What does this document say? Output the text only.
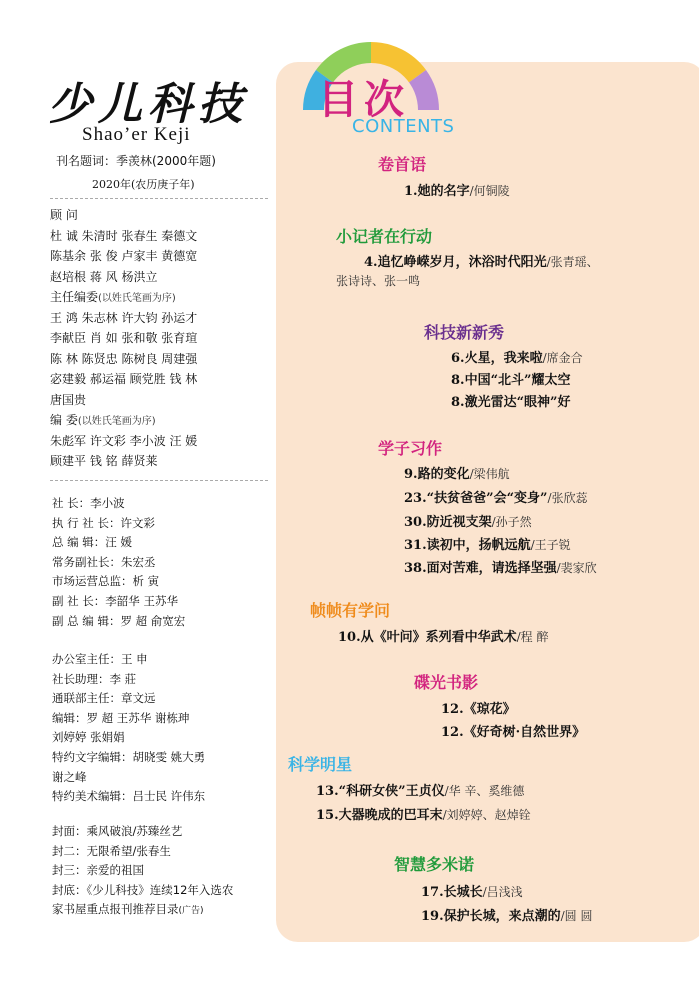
少儿科技
Shao’er Keji
刊名题词：季羡林(2000年题)
2020年(农历庚子年)
顾 问
杜 诚 朱清时 张春生 秦德文
陈基余 张 俊 卢家丰 黄德宽
赵培根 蒋 风 杨洪立
主任编委(以姓氏笔画为序)
王 鸿 朱志林 许大钧 孙运才
李献臣 肖 如 张和敬 张育瑄
陈 林 陈贤忠 陈树良 周建强
宓建毅 郝运福 顾党胜 钱 林
唐国贵
编 委(以姓氏笔画为序)
朱彪军 许文彩 李小波 汪 媛
顾建平 钱 铭 薛贤莱
社 长：李小波
执 行 社 长：许文彩
总 编 辑：汪 媛
常务副社长：朱宏丞
市场运营总监：析 寅
副 社 长：李韶华 王苏华
副 总 编 辑：罗 超 俞宽宏
办公室主任：王 申
社长助理：李 莊
通联部主任：章文远
编辑：罗 超 王苏华 谢栋珅
刘婷婷 张娟娟
特约文字编辑：胡晓雯 姚大勇
谢之峰
特约美术编辑：吕士民 许伟东
封面：乘风破浪/苏臻丝艺
封二：无限希望/张春生
封三：亲爱的祖国
封底：《少儿科技》连续12年入选农
家书屋重点报刊推荐目录(广告)
目次
CONTENTS
卷首语
1.她的名字/何铜陵
小记者在行动
4.追忆峥嵘岁月，沐浴时代阳光/张青瑶、
张诗诗、张一鸣
科技新新秀
6.火星，我来啦/席金合
8.中国“北斗”耀太空
8.激光雷达“眼神”好
学子习作
9.路的变化/梁伟航
23.“扶贫爸爸”会“变身”/张欣蕊
30.防近视支架/孙子然
31.读初中，扬帆远航/王子锐
38.面对苦难，请选择坚强/裴家欣
帧帧有学问
10.从《叶问》系列看中华武术/程 醉
碟光书影
12.《琼花》
12.《好奇树·自然世界》
科学明星
13.“科研女侠”王贞仪/华 辛、奚维德
15.大器晚成的巴耳末/刘婷婷、赵焯铨
智慧多米诺
17.长城长/吕浅浅
19.保护长城，来点潮的/圆 圆
